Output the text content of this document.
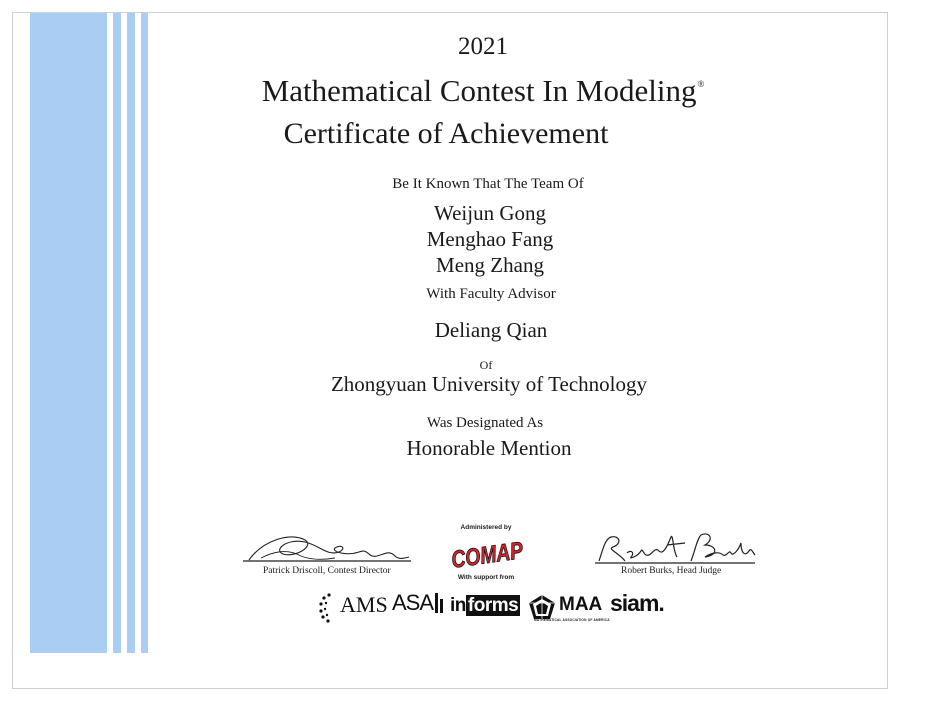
2021
Mathematical Contest In Modeling®
Certificate of Achievement
Be It Known That The Team Of
Weijun Gong
Menghao Fang
Meng Zhang
With Faculty Advisor
Deliang Qian
Of
Zhongyuan University of Technology
Was Designated As
Honorable Mention
Patrick Driscoll, Contest Director
Administered by
COMAP
With support from
Robert Burks, Head Judge
AMS ASA in forms MAA
MATHEMATICAL ASSOCIATION OF AMERICA
siam.
